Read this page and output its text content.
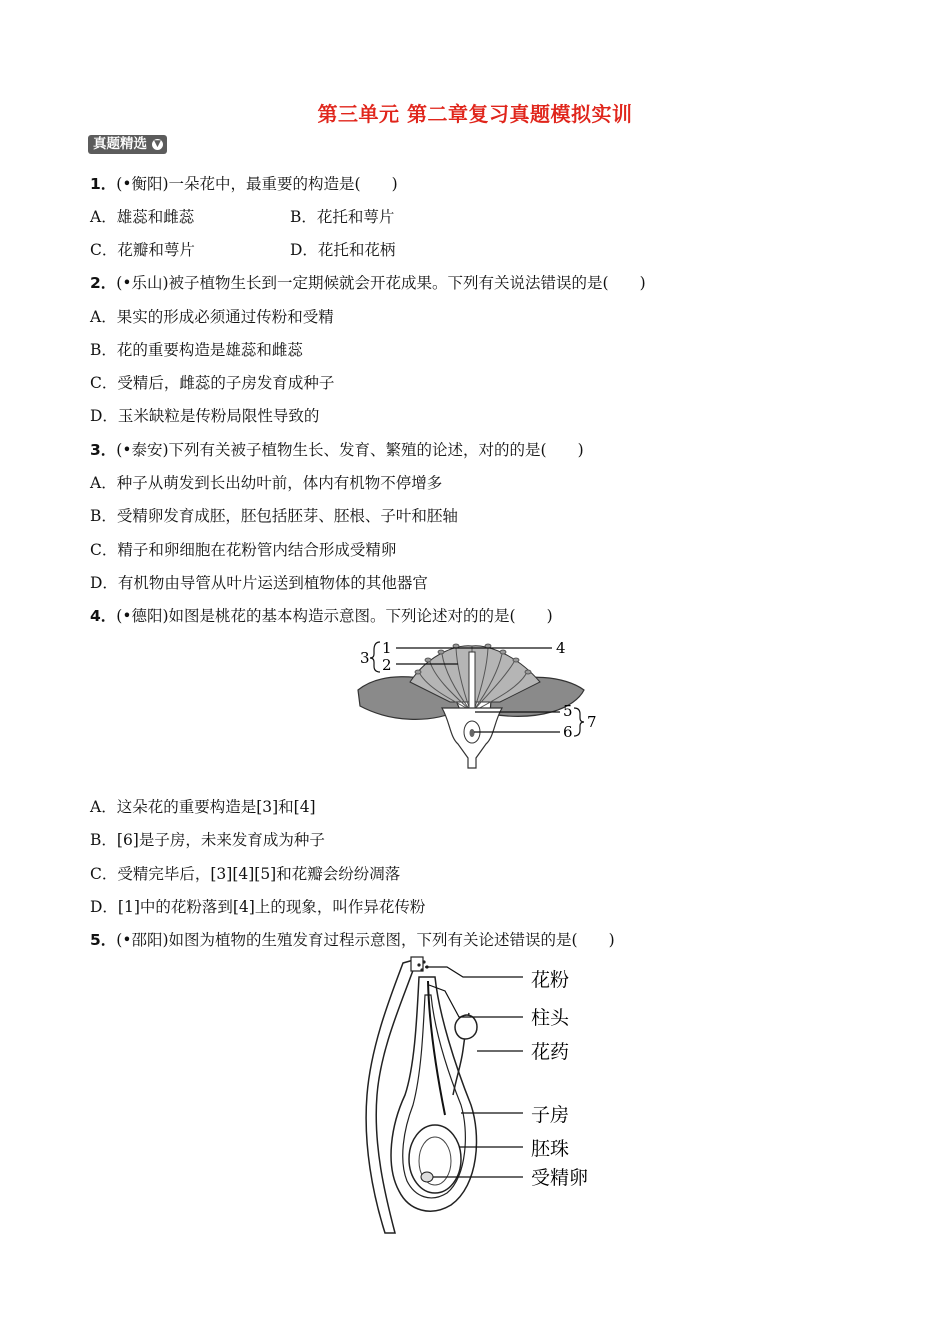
第三单元 第二章复习真题模拟实训
真题精选 ▼
1．(•衡阳)一朵花中，最重要的构造是(　　)
A．雄蕊和雌蕊	B．花托和萼片
C．花瓣和萼片	D．花托和花柄
2．(•乐山)被子植物生长到一定期候就会开花成果。下列有关说法错误的是(　　)
A．果实的形成必须通过传粉和受精
B．花的重要构造是雄蕊和雌蕊
C．受精后，雌蕊的子房发育成种子
D．玉米缺粒是传粉局限性导致的
3．(•泰安)下列有关被子植物生长、发育、繁殖的论述，对的的是(　　)
A．种子从萌发到长出幼叶前，体内有机物不停增多
B．受精卵发育成胚，胚包括胚芽、胚根、子叶和胚轴
C．精子和卵细胞在花粉管内结合形成受精卵
D．有机物由导管从叶片运送到植物体的其他器官
4．(•德阳)如图是桃花的基本构造示意图。下列论述对的的是(　　)
1
2
3
4
5
6
7
A．这朵花的重要构造是[3]和[4]
B．[6]是子房，未来发育成为种子
C．受精完毕后，[3][4][5]和花瓣会纷纷凋落
D．[1]中的花粉落到[4]上的现象，叫作异花传粉
5．(•邵阳)如图为植物的生殖发育过程示意图，下列有关论述错误的是(　　)
花粉
柱头
花药
子房
胚珠
受精卵
